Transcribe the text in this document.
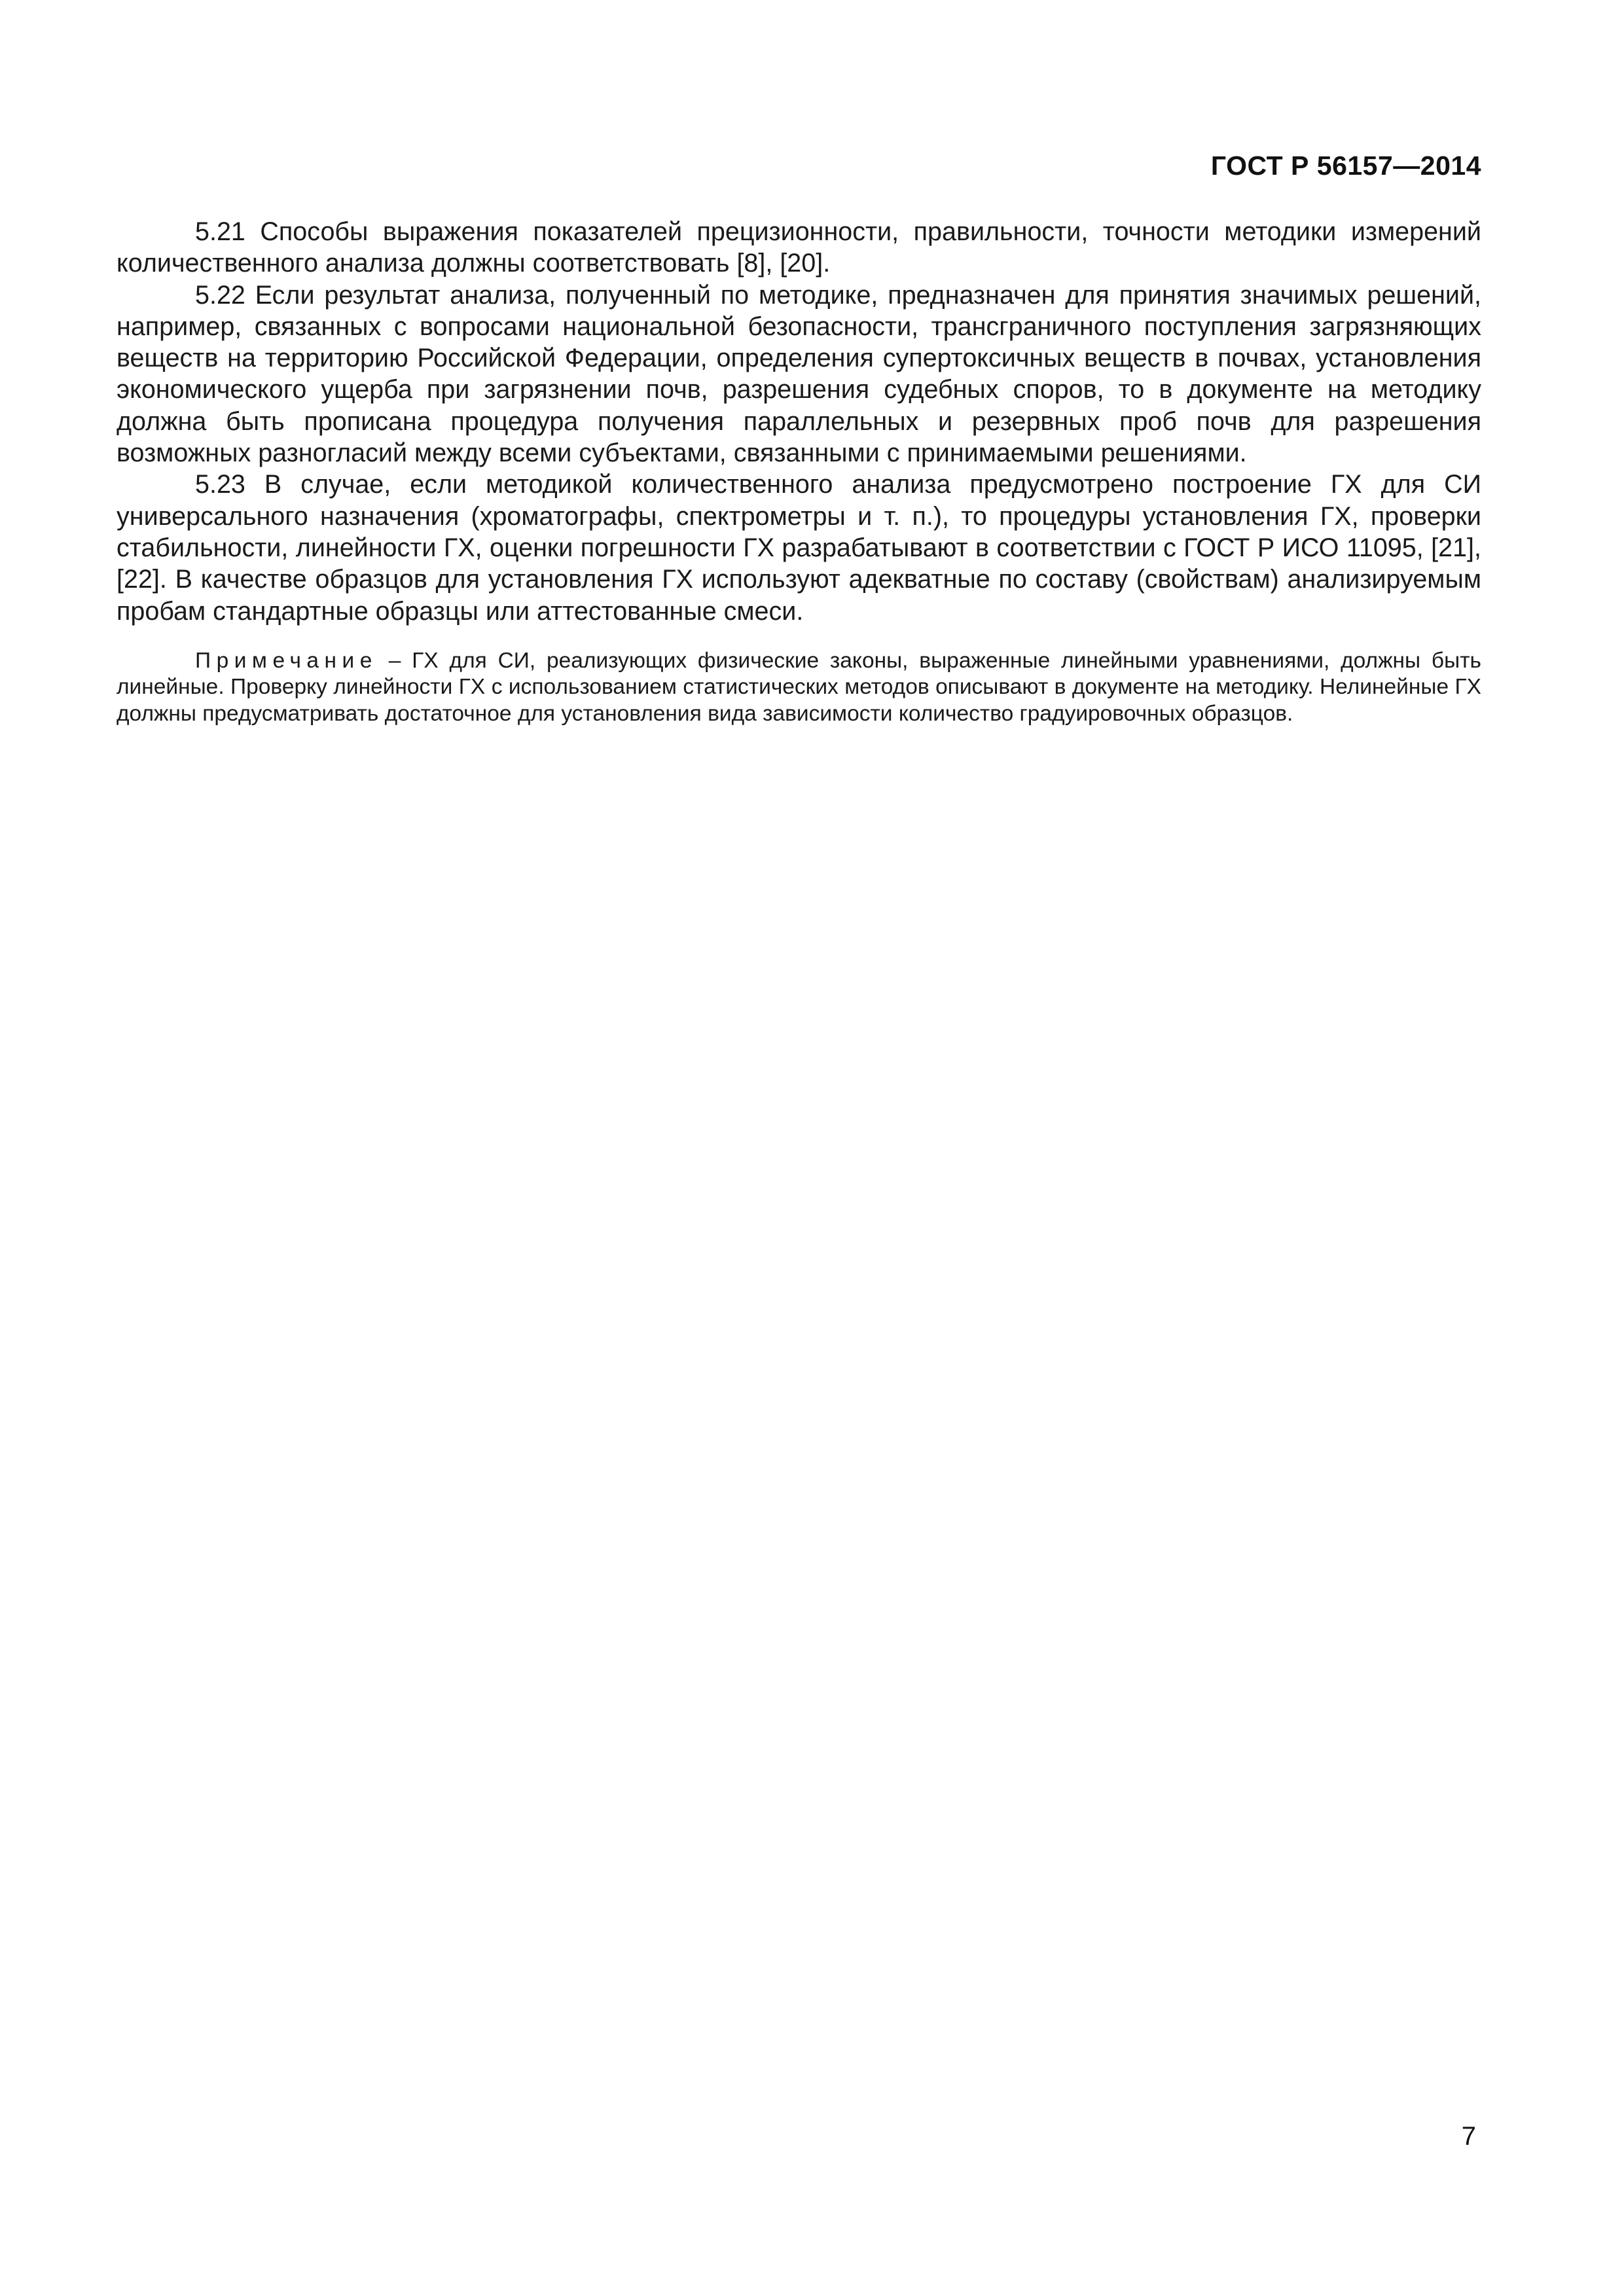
ГОСТ Р 56157—2014

5.21 Способы выражения показателей прецизионности, правильности, точности методики измерений количественного анализа должны соответствовать [8], [20].

5.22 Если результат анализа, полученный по методике, предназначен для принятия значимых решений, например, связанных с вопросами национальной безопасности, трансграничного поступления загрязняющих веществ на территорию Российской Федерации, определения супертоксичных веществ в почвах, установления экономического ущерба при загрязнении почв, разрешения судебных споров, то в документе на методику должна быть прописана процедура получения параллельных и резервных проб почв для разрешения возможных разногласий между всеми субъектами, связанными с принимаемыми решениями.

5.23 В случае, если методикой количественного анализа предусмотрено построение ГХ для СИ универсального назначения (хроматографы, спектрометры и т. п.), то процедуры установления ГХ, проверки стабильности, линейности ГХ, оценки погрешности ГХ разрабатывают в соответствии с ГОСТ Р ИСО 11095, [21], [22]. В качестве образцов для установления ГХ используют адекватные по составу (свойствам) анализируемым пробам стандартные образцы или аттестованные смеси.

Примечание – ГХ для СИ, реализующих физические законы, выраженные линейными уравнениями, должны быть линейные. Проверку линейности ГХ с использованием статистических методов описывают в документе на методику. Нелинейные ГХ должны предусматривать достаточное для установления вида зависимости количество градуировочных образцов.

7
